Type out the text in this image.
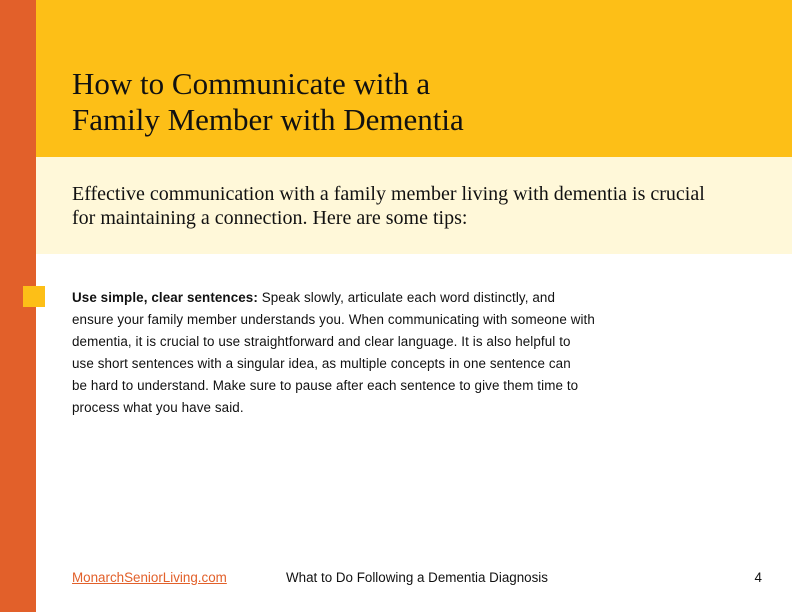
How to Communicate with a
Family Member with Dementia

Effective communication with a family member living with dementia is crucial
for maintaining a connection. Here are some tips:

Use simple, clear sentences: Speak slowly, articulate each word distinctly, and
ensure your family member understands you. When communicating with someone with
dementia, it is crucial to use straightforward and clear language. It is also helpful to
use short sentences with a singular idea, as multiple concepts in one sentence can
be hard to understand. Make sure to pause after each sentence to give them time to
process what you have said.
MonarchSeniorLiving.com	What to Do Following a Dementia Diagnosis	4
